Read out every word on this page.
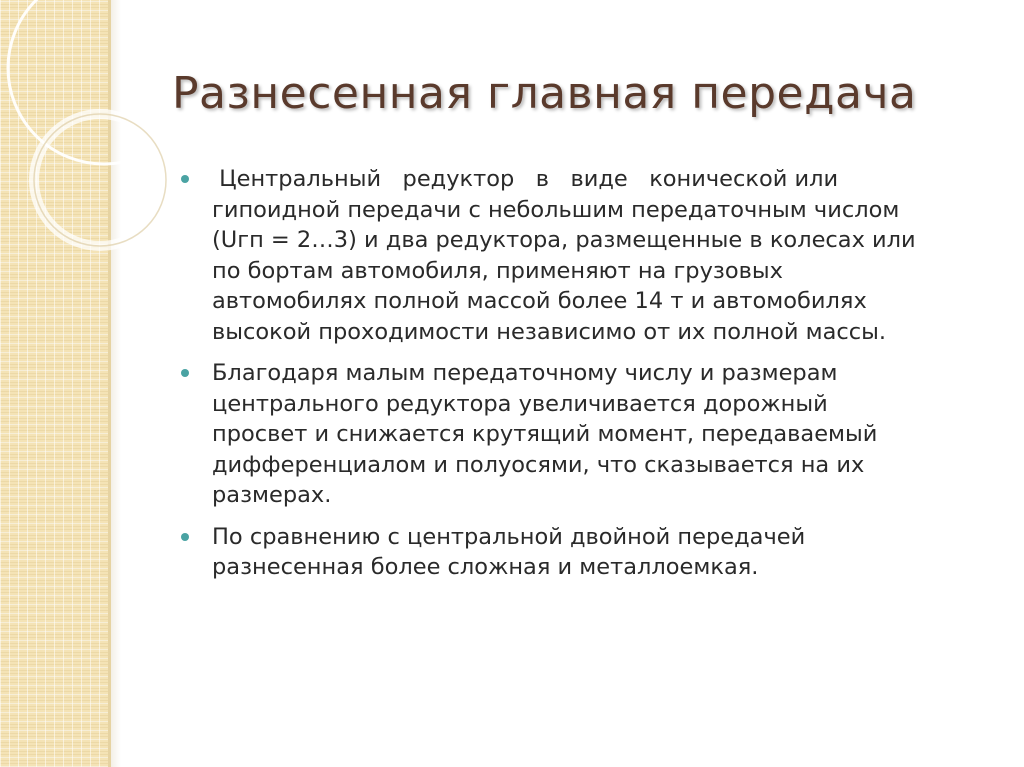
Разнесенная главная передача
Центральный   редуктор   в   виде   конической или
гипоидной передачи с небольшим передаточным числом
(Uгп = 2…3) и два редуктора, размещенные в колесах или
по бортам автомобиля, применяют на грузовых
автомобилях полной массой более 14 т и автомобилях
высокой проходимости независимо от их полной массы.
Благодаря малым передаточному числу и размерам
центрального редуктора увеличивается дорожный
просвет и снижается крутящий момент, передаваемый
дифференциалом и полуосями, что сказывается на их
размерах.
По сравнению с центральной двойной передачей
разнесенная более сложная и металлоемкая.
